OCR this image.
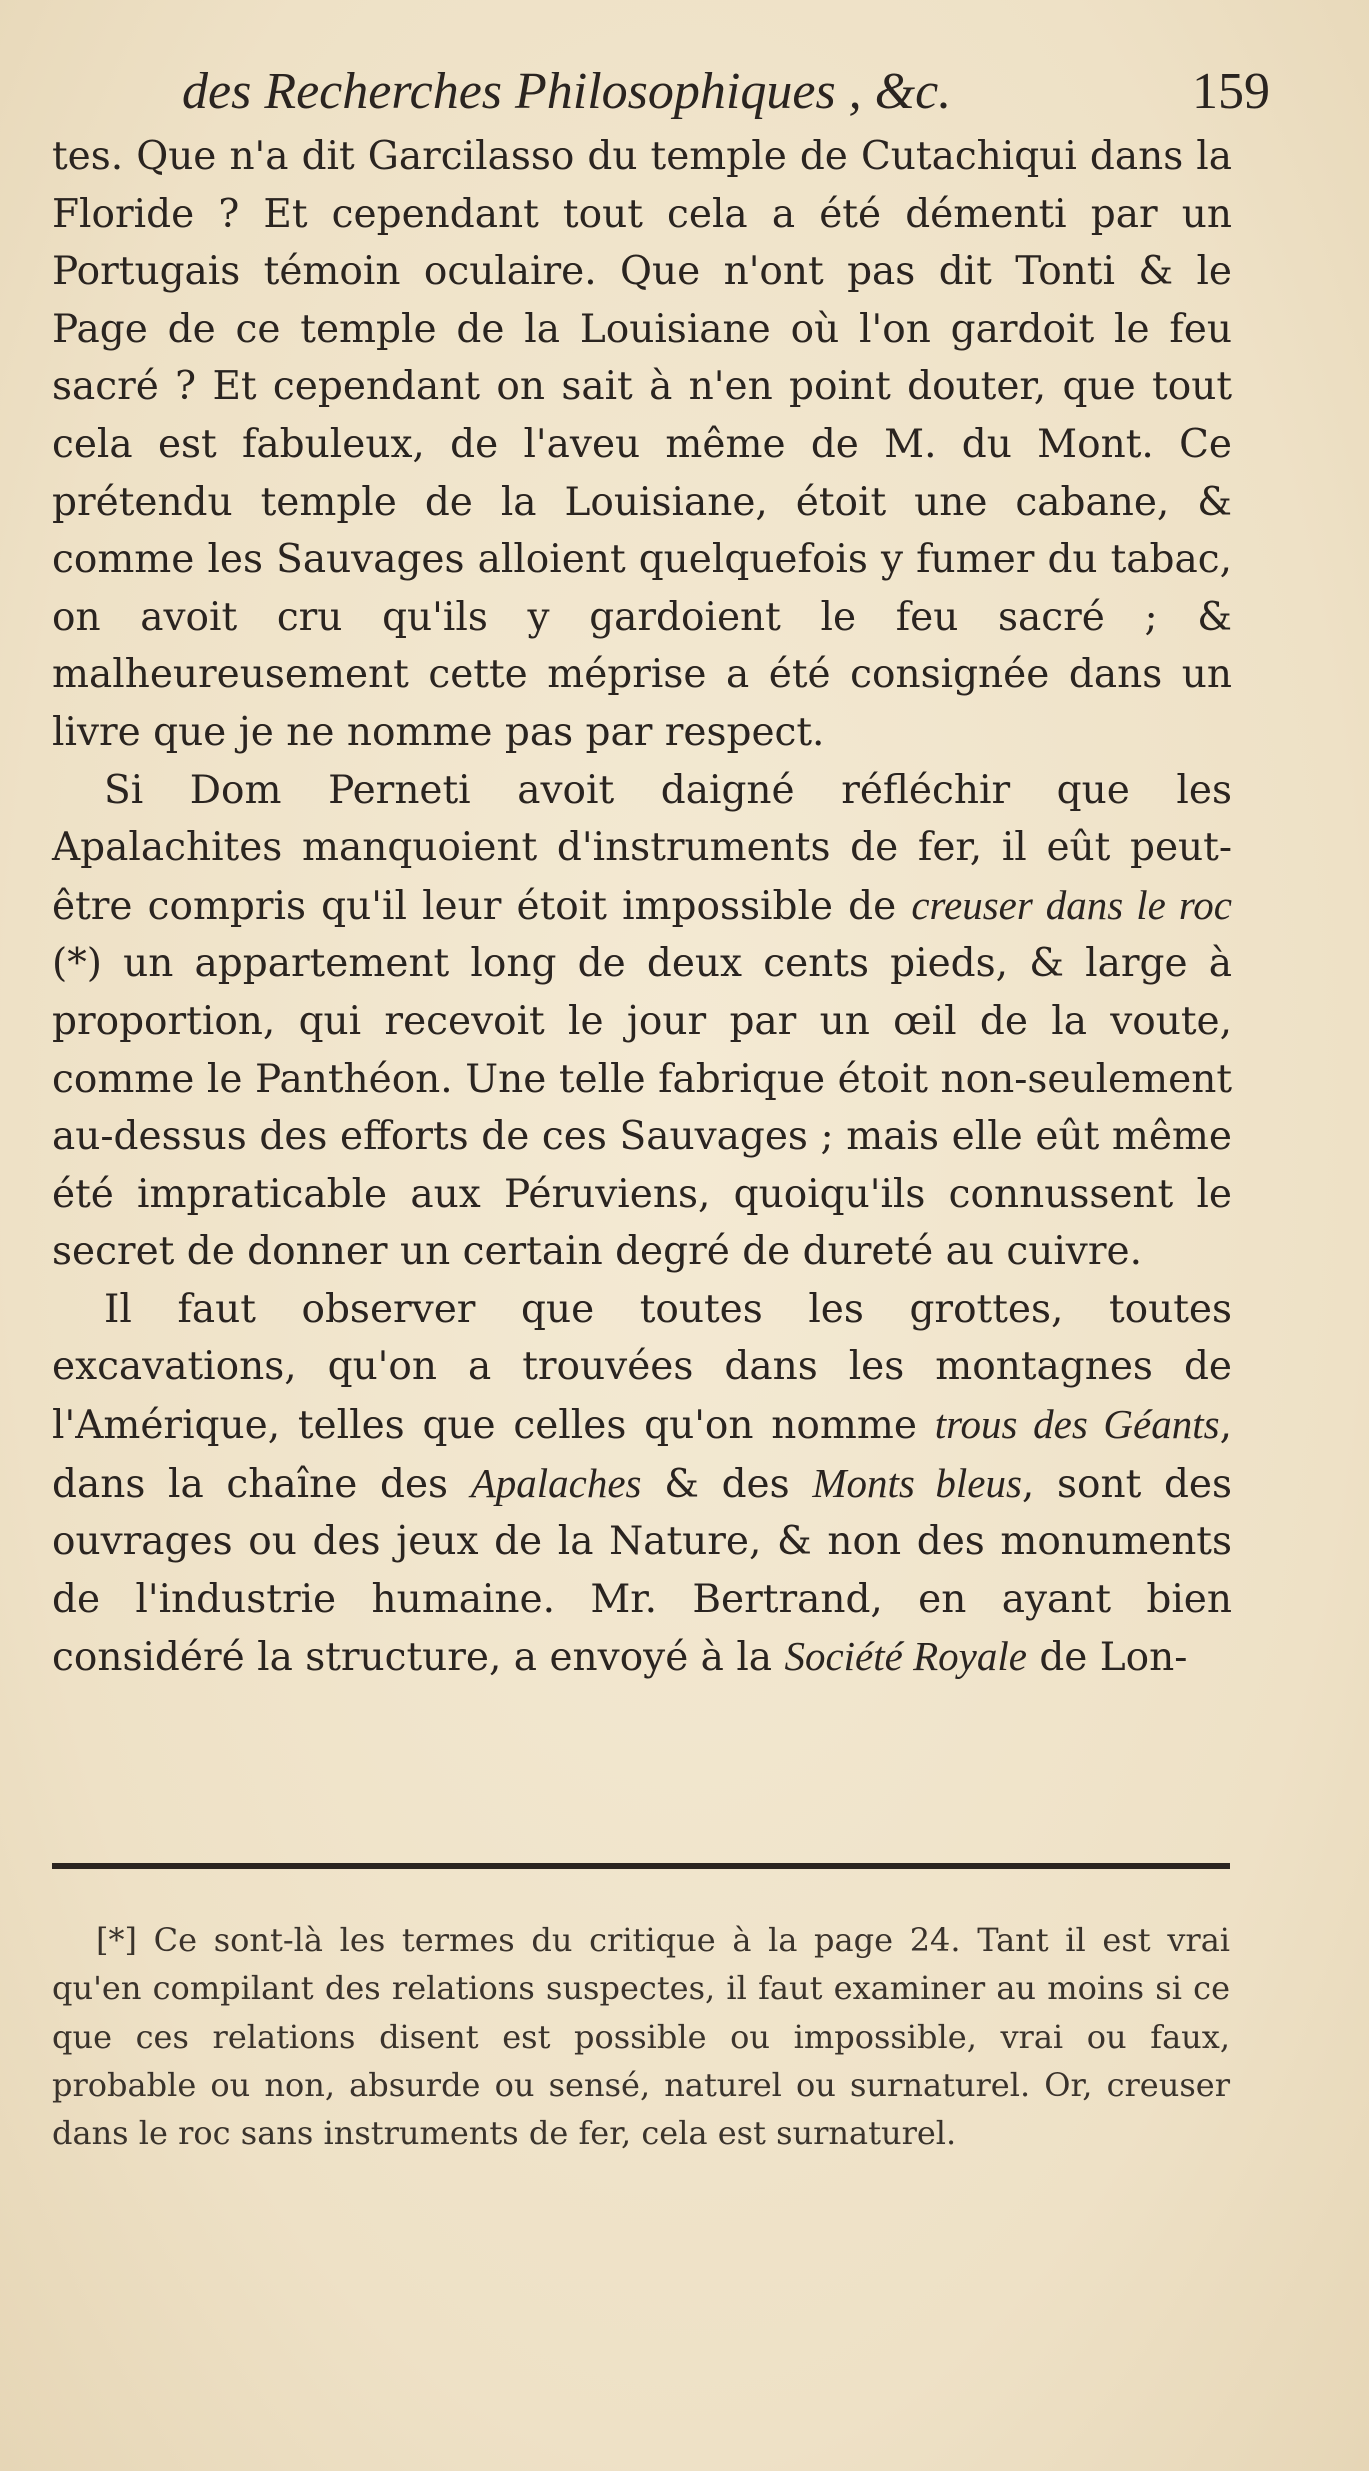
des Recherches Philosophiques , &c.	159

tes. Que n'a dit Garcilasso du temple de Cutachiqui dans la Floride ? Et cependant tout cela a été démenti par un Portugais témoin oculaire. Que n'ont pas dit Tonti & le Page de ce temple de la Louisiane où l'on gardoit le feu sacré ? Et cependant on sait à n'en point douter, que tout cela est fabuleux, de l'aveu même de M. du Mont. Ce prétendu temple de la Louisiane, étoit une cabane, & comme les Sauvages alloient quelquefois y fumer du tabac, on avoit cru qu'ils y gardoient le feu sacré ; & malheureusement cette méprise a été consignée dans un livre que je ne nomme pas par respect.

Si Dom Perneti avoit daigné réfléchir que les Apalachites manquoient d'instruments de fer, il eût peut-être compris qu'il leur étoit impossible de creuser dans le roc (*) un appartement long de deux cents pieds, & large à proportion, qui recevoit le jour par un œil de la voute, comme le Panthéon. Une telle fabrique étoit non-seulement au-dessus des efforts de ces Sauvages ; mais elle eût même été impraticable aux Péruviens, quoiqu'ils connussent le secret de donner un certain degré de dureté au cuivre.

Il faut observer que toutes les grottes, toutes excavations, qu'on a trouvées dans les montagnes de l'Amérique, telles que celles qu'on nomme trous des Géants, dans la chaîne des Apalaches & des Monts bleus, sont des ouvrages ou des jeux de la Nature, & non des monuments de l'industrie humaine. Mr. Bertrand, en ayant bien considéré la structure, a envoyé à la Société Royale de Lon-

[*] Ce sont-là les termes du critique à la page 24. Tant il est vrai qu'en compilant des relations suspectes, il faut examiner au moins si ce que ces relations disent est possible ou impossible, vrai ou faux, probable ou non, absurde ou sensé, naturel ou surnaturel. Or, creuser dans le roc sans instruments de fer, cela est surnaturel.
